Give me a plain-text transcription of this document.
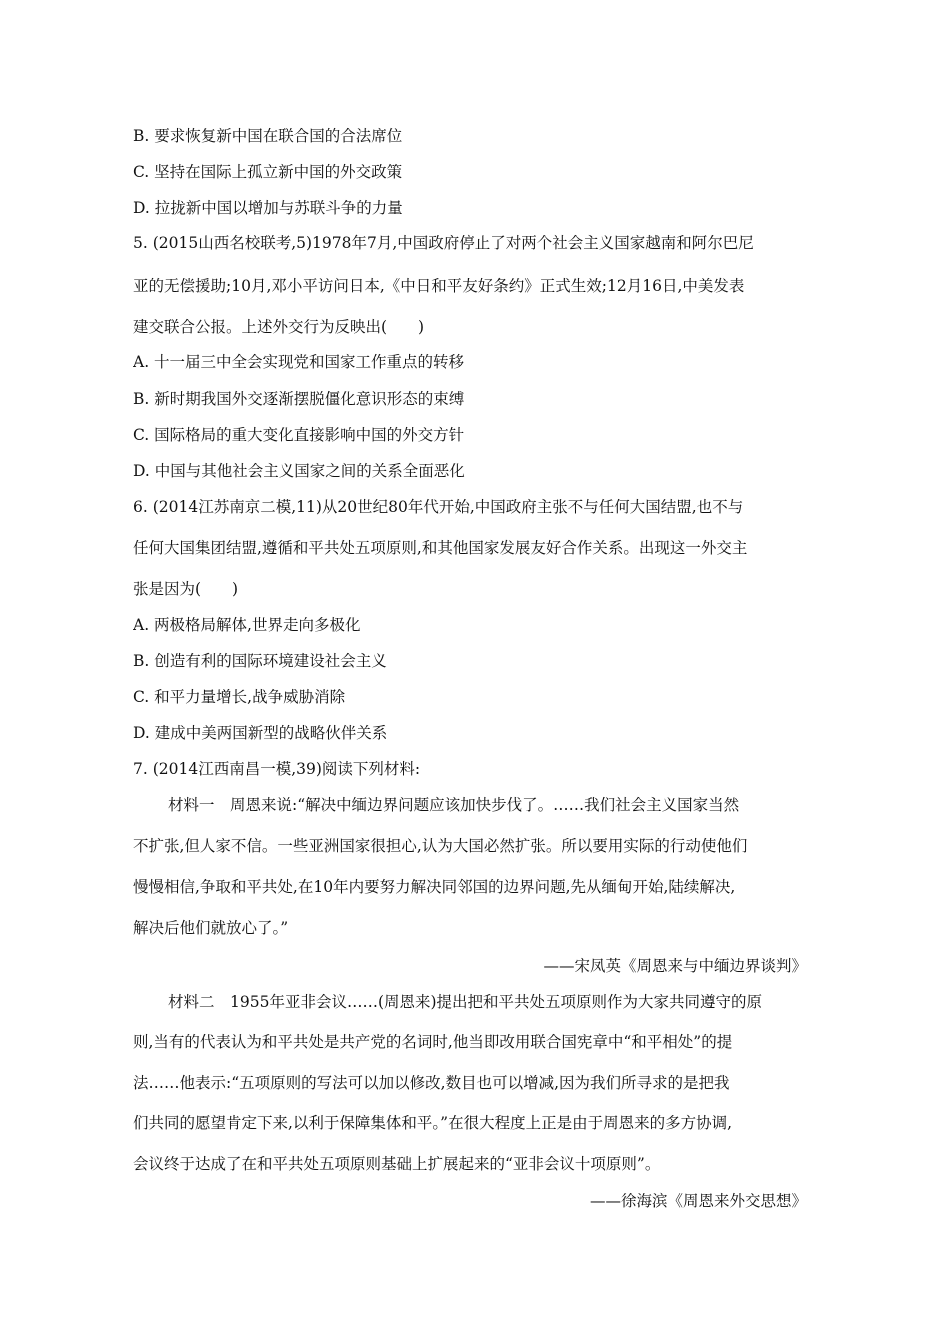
B. 要求恢复新中国在联合国的合法席位
C. 坚持在国际上孤立新中国的外交政策
D. 拉拢新中国以增加与苏联斗争的力量
5. (2015山西名校联考,5)1978年7月,中国政府停止了对两个社会主义国家越南和阿尔巴尼
亚的无偿援助;10月,邓小平访问日本,《中日和平友好条约》正式生效;12月16日,中美发表
建交联合公报。上述外交行为反映出(　　)
A. 十一届三中全会实现党和国家工作重点的转移
B. 新时期我国外交逐渐摆脱僵化意识形态的束缚
C. 国际格局的重大变化直接影响中国的外交方针
D. 中国与其他社会主义国家之间的关系全面恶化
6. (2014江苏南京二模,11)从20世纪80年代开始,中国政府主张不与任何大国结盟,也不与
任何大国集团结盟,遵循和平共处五项原则,和其他国家发展友好合作关系。出现这一外交主
张是因为(　　)
A. 两极格局解体,世界走向多极化
B. 创造有利的国际环境建设社会主义
C. 和平力量增长,战争威胁消除
D. 建成中美两国新型的战略伙伴关系
7. (2014江西南昌一模,39)阅读下列材料:
材料一　周恩来说:“解决中缅边界问题应该加快步伐了。……我们社会主义国家当然
不扩张,但人家不信。一些亚洲国家很担心,认为大国必然扩张。所以要用实际的行动使他们
慢慢相信,争取和平共处,在10年内要努力解决同邻国的边界问题,先从缅甸开始,陆续解决,
解决后他们就放心了。”
——宋凤英《周恩来与中缅边界谈判》
材料二　1955年亚非会议……(周恩来)提出把和平共处五项原则作为大家共同遵守的原
则,当有的代表认为和平共处是共产党的名词时,他当即改用联合国宪章中“和平相处”的提
法……他表示:“五项原则的写法可以加以修改,数目也可以增减,因为我们所寻求的是把我
们共同的愿望肯定下来,以利于保障集体和平。”在很大程度上正是由于周恩来的多方协调,
会议终于达成了在和平共处五项原则基础上扩展起来的“亚非会议十项原则”。
——徐海滨《周恩来外交思想》
